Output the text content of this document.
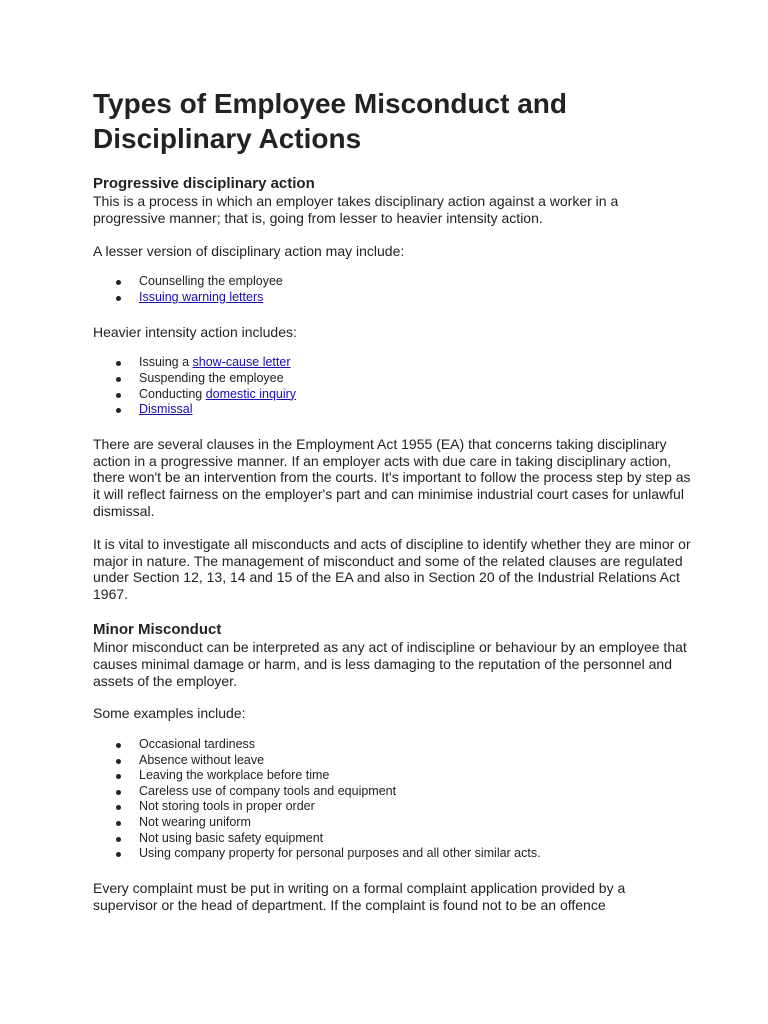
Types of Employee Misconduct and Disciplinary Actions
Progressive disciplinary action

This is a process in which an employer takes disciplinary action against a worker in a progressive manner; that is, going from lesser to heavier intensity action.

A lesser version of disciplinary action may include:

Counselling the employee
Issuing warning letters

Heavier intensity action includes:

Issuing a show-cause letter
Suspending the employee
Conducting domestic inquiry
Dismissal

There are several clauses in the Employment Act 1955 (EA) that concerns taking disciplinary action in a progressive manner. If an employer acts with due care in taking disciplinary action, there won't be an intervention from the courts. It's important to follow the process step by step as it will reflect fairness on the employer's part and can minimise industrial court cases for unlawful dismissal.

It is vital to investigate all misconducts and acts of discipline to identify whether they are minor or major in nature. The management of misconduct and some of the related clauses are regulated under Section 12, 13, 14 and 15 of the EA and also in Section 20 of the Industrial Relations Act 1967.

Minor Misconduct

Minor misconduct can be interpreted as any act of indiscipline or behaviour by an employee that causes minimal damage or harm, and is less damaging to the reputation of the personnel and assets of the employer.

Some examples include:

Occasional tardiness
Absence without leave
Leaving the workplace before time
Careless use of company tools and equipment
Not storing tools in proper order
Not wearing uniform
Not using basic safety equipment
Using company property for personal purposes and all other similar acts.

Every complaint must be put in writing on a formal complaint application provided by a supervisor or the head of department. If the complaint is found not to be an offence
